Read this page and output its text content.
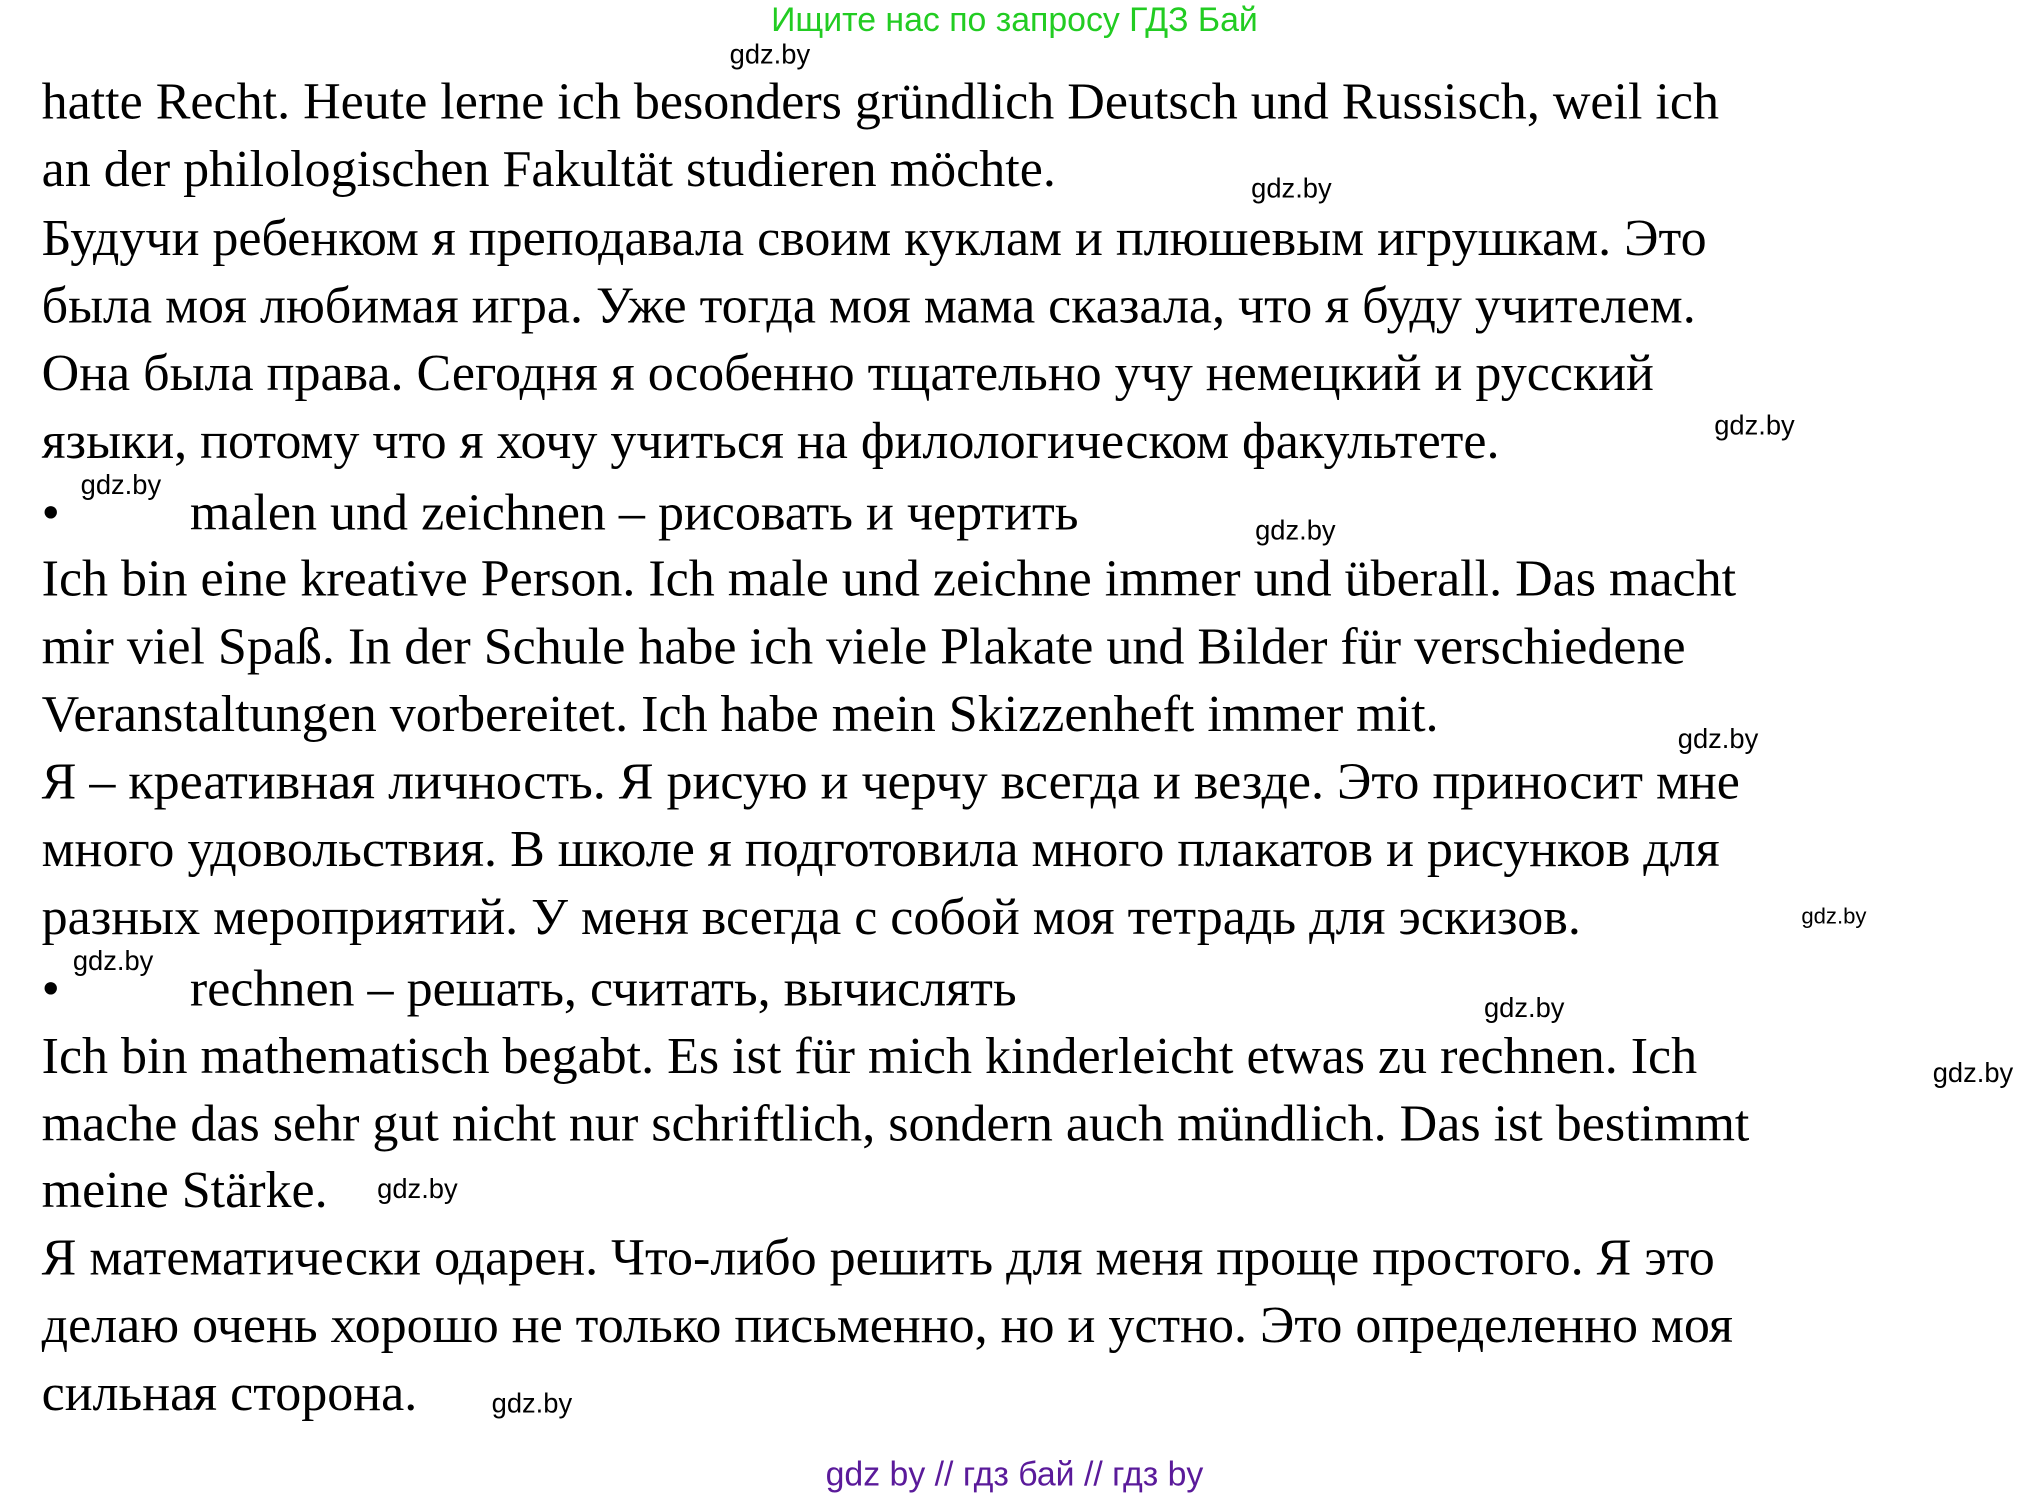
Ищите нас по запросу ГДЗ Бай
hatte Recht. Heute lerne ich besonders gründlich Deutsch und Russisch, weil ich
an der philologischen Fakultät studieren möchte.
Будучи ребенком я преподавала своим куклам и плюшевым игрушкам. Это
была моя любимая игра. Уже тогда моя мама сказала, что я буду учителем.
Она была права. Сегодня я особенно тщательно учу немецкий и русский
языки, потому что я хочу учиться на филологическом факультете.
•	malen und zeichnen – рисовать и чертить
Ich bin eine kreative Person. Ich male und zeichne immer und überall. Das macht
mir viel Spaß. In der Schule habe ich viele Plakate und Bilder für verschiedene
Veranstaltungen vorbereitet. Ich habe mein Skizzenheft immer mit.
Я – креативная личность. Я рисую и черчу всегда и везде. Это приносит мне
много удовольствия. В школе я подготовила много плакатов и рисунков для
разных мероприятий. У меня всегда с собой моя тетрадь для эскизов.
•	rechnen – решать, считать, вычислять
Ich bin mathematisch begabt. Es ist für mich kinderleicht etwas zu rechnen. Ich
mache das sehr gut nicht nur schriftlich, sondern auch mündlich. Das ist bestimmt
meine Stärke.
Я математически одарен. Что-либо решить для меня проще простого. Я это
делаю очень хорошо не только письменно, но и устно. Это определенно моя
сильная сторона.
gdz.by
gdz.by
gdz.by
gdz.by
gdz.by
gdz.by
gdz.by
gdz.by
gdz.by
gdz.by
gdz.by
gdz.by
gdz by // гдз бай // гдз by
